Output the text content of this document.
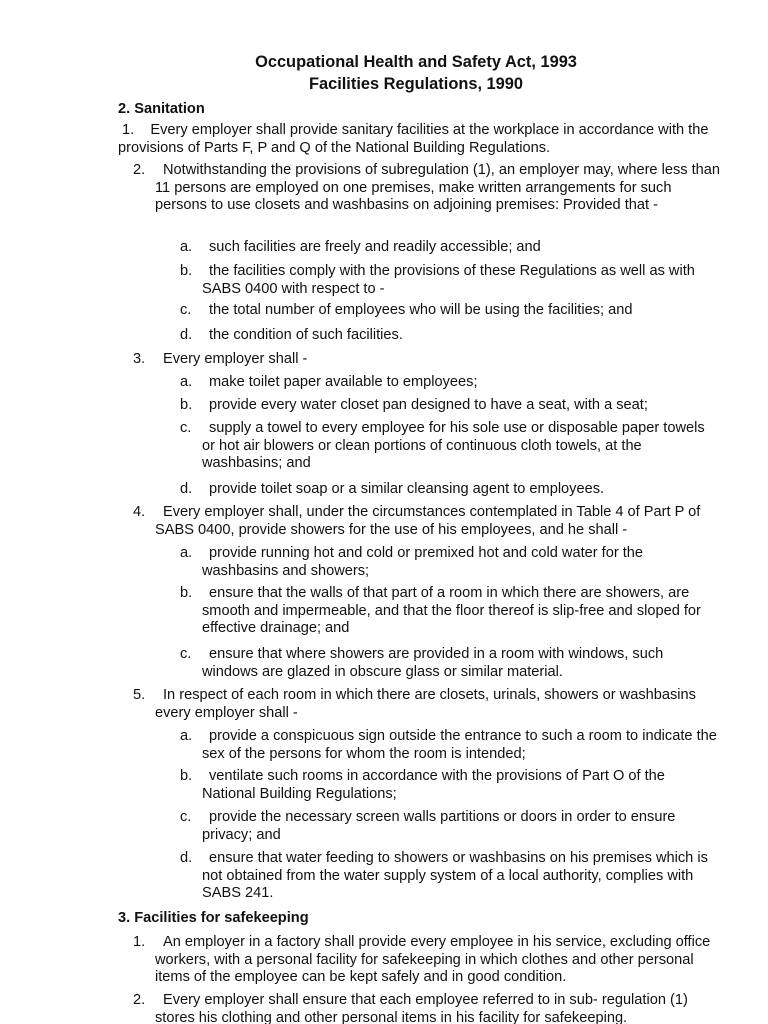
Occupational Health and Safety Act, 1993
Facilities Regulations, 1990
2. Sanitation
1. Every employer shall provide sanitary facilities at the workplace in accordance with the provisions of Parts F, P and Q of the National Building Regulations.
2.	Notwithstanding the provisions of subregulation (1), an employer may, where less than 11 persons are employed on one premises, make written arrangements for such persons to use closets and washbasins on adjoining premises: Provided that -
a.	such facilities are freely and readily accessible; and
b.	the facilities comply with the provisions of these Regulations as well as with SABS 0400 with respect to -
c.	the total number of employees who will be using the facilities; and
d.	the condition of such facilities.
3.	Every employer shall -
a.	make toilet paper available to employees;
b.	provide every water closet pan designed to have a seat, with a seat;
c.	supply a towel to every employee for his sole use or disposable paper towels or hot air blowers or clean portions of continuous cloth towels, at the washbasins; and
d.	provide toilet soap or a similar cleansing agent to employees.
4.	Every employer shall, under the circumstances contemplated in Table 4 of Part P of SABS 0400, provide showers for the use of his employees, and he shall -
a.	provide running hot and cold or premixed hot and cold water for the washbasins and showers;
b.	ensure that the walls of that part of a room in which there are showers, are smooth and impermeable, and that the floor thereof is slip-free and sloped for effective drainage; and
c.	ensure that where showers are provided in a room with windows, such windows are glazed in obscure glass or similar material.
5.	In respect of each room in which there are closets, urinals, showers or washbasins every employer shall -
a.	provide a conspicuous sign outside the entrance to such a room to indicate the sex of the persons for whom the room is intended;
b.	ventilate such rooms in accordance with the provisions of Part O of the National Building Regulations;
c.	provide the necessary screen walls partitions or doors in order to ensure privacy; and
d.	ensure that water feeding to showers or washbasins on his premises which is not obtained from the water supply system of a local authority, complies with SABS 241.
3. Facilities for safekeeping
1.	An employer in a factory shall provide every employee in his service, excluding office workers, with a personal facility for safekeeping in which clothes and other personal items of the employee can be kept safely and in good condition.
2.	Every employer shall ensure that each employee referred to in sub- regulation (1) stores his clothing and other personal items in his facility for safekeeping.
